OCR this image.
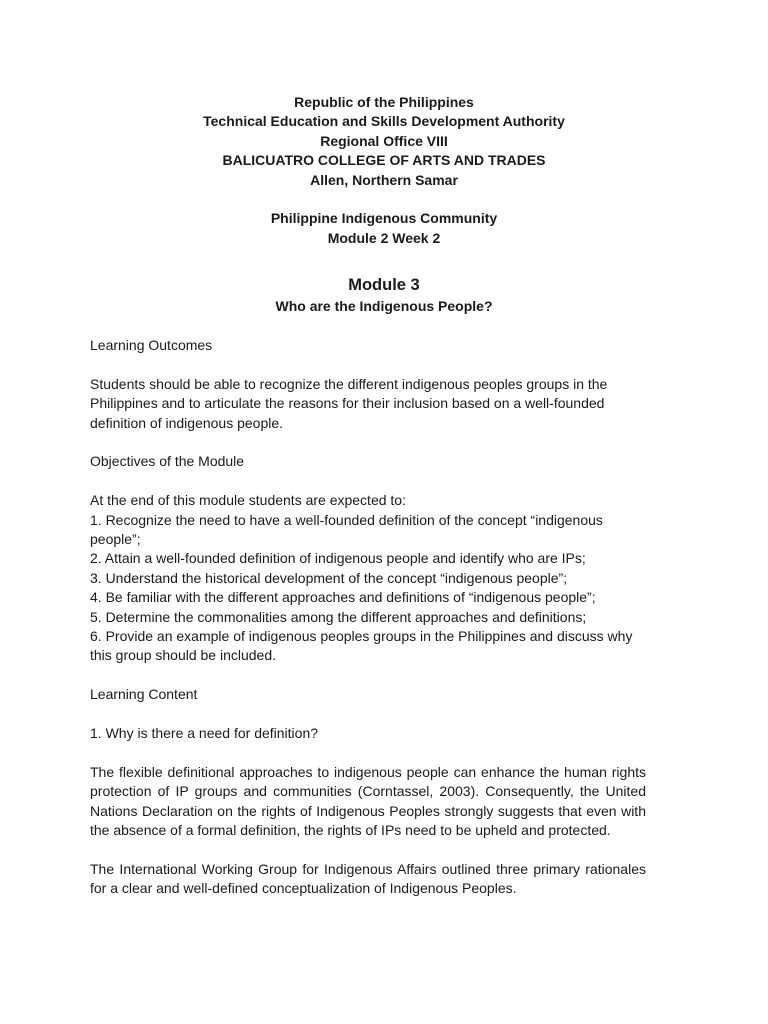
Republic of the Philippines
Technical Education and Skills Development Authority
Regional Office VIII
BALICUATRO COLLEGE OF ARTS AND TRADES
Allen, Northern Samar
Philippine Indigenous Community
Module 2 Week 2
Module 3
Who are the Indigenous People?
Learning Outcomes
Students should be able to recognize the different indigenous peoples groups in the Philippines and to articulate the reasons for their inclusion based on a well-founded definition of indigenous people.
Objectives of the Module
At the end of this module students are expected to:
1. Recognize the need to have a well-founded definition of the concept “indigenous people”;
2. Attain a well-founded definition of indigenous people and identify who are IPs;
3. Understand the historical development of the concept “indigenous people”;
4. Be familiar with the different approaches and definitions of “indigenous people”;
5. Determine the commonalities among the different approaches and definitions;
6. Provide an example of indigenous peoples groups in the Philippines and discuss why this group should be included.
Learning Content
1. Why is there a need for definition?
The flexible definitional approaches to indigenous people can enhance the human rights protection of IP groups and communities (Corntassel, 2003). Consequently, the United Nations Declaration on the rights of Indigenous Peoples strongly suggests that even with the absence of a formal definition, the rights of IPs need to be upheld and protected.
The International Working Group for Indigenous Affairs outlined three primary rationales for a clear and well-defined conceptualization of Indigenous Peoples.
